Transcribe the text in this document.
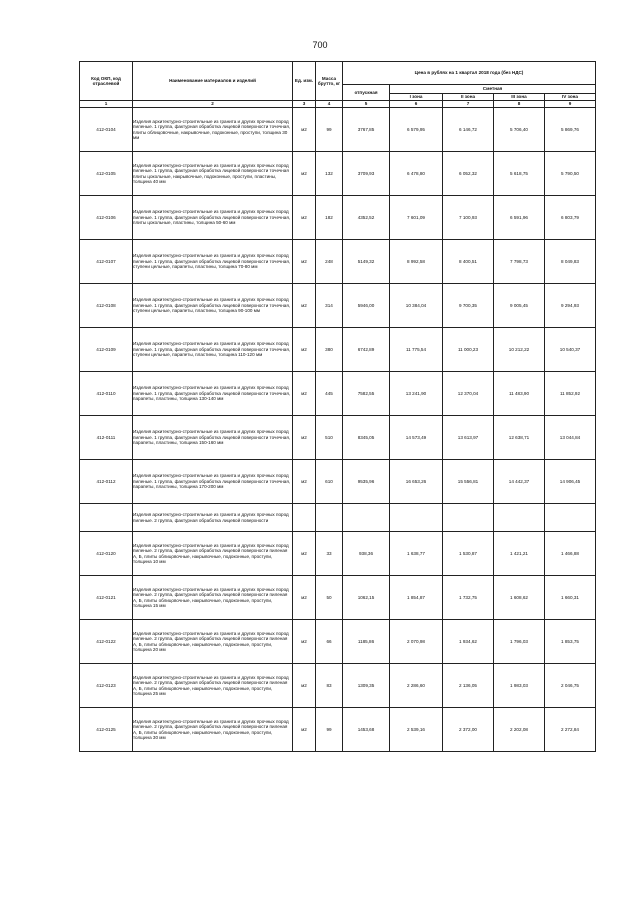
700
Код ОКП, код отраслевой	Наименование материалов и изделий	Ед. изм.	Масса брутто, кг	Цена в рублях на 1 квартал 2018 года (без НДС)				
				отпускная	Сметная			
					I зона	II зона	III зона	IV зона
1	2	3	4	5	6	7	8	9
412-0104	Изделия архитектурно-строительные из гранита и других прочных пород пиленые. 1 группа, фактурная обработка лицевой поверхности точечная, плиты облицовочные, накрывочные, подоконные, проступи, толщина 30 мм	м2	99	3767,85	6 579,95	6 146,72	5 706,40	5 869,76
412-0105	Изделия архитектурно-строительные из гранита и других прочных пород пиленые. 1 группа, фактурная обработка лицевой поверхности точечная плиты цокольные, накрывочные, подоконные, проступи, пластины, толщина 40 мм	м2	132	3709,93	6 478,80	6 052,32	5 618,75	5 790,50
412-0106	Изделия архитектурно-строительные из гранита и других прочных пород пиленые. 1 группа, фактурная обработка лицевой поверхности точечная, плиты цокольные, пластины, толщина 50-60 мм	м2	182	4352,52	7 601,09	7 100,93	6 591,96	6 803,79
412-0107	Изделия архитектурно-строительные из гранита и других прочных пород пиленые. 1 группа, фактурная обработка лицевой поверхности точечная, ступени цельные, парапеты, пластины, толщина 70-80 мм	м2	248	5149,32	8 992,58	8 400,51	7 798,73	8 049,83
412-0108	Изделия архитектурно-строительные из гранита и других прочных пород пиленые. 1 группа, фактурная обработка лицевой поверхности точечная, ступени цельные, парапеты, пластины, толщина 90-100 мм	м2	314	5946,00	10 384,04	9 700,35	9 005,45	9 294,93
412-0109	Изделия архитектурно-строительные из гранита и других прочных пород пиленые. 1 группа, фактурная обработка лицевой поверхности точечная, ступени цельные, парапеты, пластины, толщина 110-120 мм	м2	380	6742,89	11 775,54	11 000,23	10 212,22	10 540,37
412-0110	Изделия архитектурно-строительные из гранита и других прочных пород пиленые. 1 группа, фактурная обработка лицевой поверхности точечная, парапеты, пластины, толщина 130-140 мм	м2	445	7582,55	13 241,90	12 370,04	11 483,90	11 852,92
412-0111	Изделия архитектурно-строительные из гранита и других прочных пород пиленые. 1 группа, фактурная обработка лицевой поверхности точечная, парапеты, пластины, толщина 150-160 мм	м2	510	8345,05	14 573,49	13 613,97	12 638,71	13 044,84
412-0112	Изделия архитектурно-строительные из гранита и других прочных пород пиленые. 1 группа, фактурная обработка лицевой поверхности точечная, парапеты, пластины, толщина 170-200 мм	м2	610	9535,96	16 653,26	15 556,81	14 442,37	14 906,45
	Изделия архитектурно-строительные из гранита и других прочных пород пиленые. 2 группа, фактурная обработка лицевой поверхности							
412-0120	Изделия архитектурно-строительные из гранита и других прочных пород пиленые. 2 группа, фактурная обработка лицевой поверхности пиленая А, Б, плиты облицовочные, накрывочные, подоконные, проступи, толщина 10 мм	м2	33	938,36	1 638,77	1 530,87	1 421,21	1 466,88
412-0121	Изделия архитектурно-строительные из гранита и других прочных пород пиленые. 2 группа, фактурная обработка лицевой поверхности пиленая А, Б, плиты облицовочные, накрывочные, подоконные, проступи, толщина 15 мм	м2	50	1062,15	1 854,87	1 732,75	1 608,62	1 660,31
412-0122	Изделия архитектурно-строительные из гранита и других прочных пород пиленые. 2 группа, фактурная обработка лицевой поверхности пиленая А, Б, плиты облицовочные, накрывочные, подоконные, проступи, толщина 20 мм	м2	66	1185,86	2 070,98	1 934,62	1 796,03	1 853,75
412-0123	Изделия архитектурно-строительные из гранита и других прочных пород пиленые. 2 группа, фактурная обработка лицевой поверхности пиленая А, Б, плиты облицовочные, накрывочные, подоконные, проступи, толщина 25 мм	м2	83	1309,35	2 286,60	2 136,05	1 983,03	2 046,75
412-0125	Изделия архитектурно-строительные из гранита и других прочных пород пиленые. 2 группа, фактурная обработка лицевой поверхности пиленая А, Б, плиты облицовочные, накрывочные, подоконные, проступи, толщина 30 мм	м2	99	1453,68	2 539,16	2 372,00	2 202,08	2 272,84
